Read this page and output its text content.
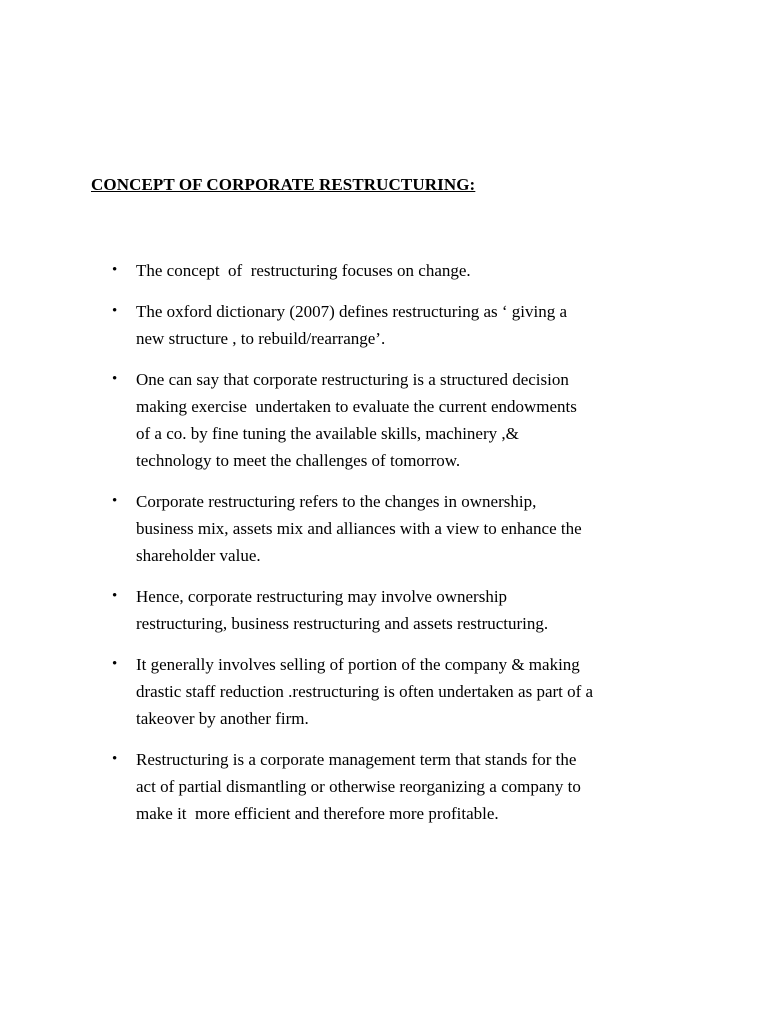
CONCEPT OF CORPORATE RESTRUCTURING:
• The concept  of  restructuring focuses on change.
• The oxford dictionary (2007) defines restructuring as ‘ giving a
new structure , to rebuild/rearrange’.
• One can say that corporate restructuring is a structured decision
making exercise  undertaken to evaluate the current endowments
of a co. by fine tuning the available skills, machinery ,&
technology to meet the challenges of tomorrow.
• Corporate restructuring refers to the changes in ownership,
business mix, assets mix and alliances with a view to enhance the
shareholder value.
• Hence, corporate restructuring may involve ownership
restructuring, business restructuring and assets restructuring.
• It generally involves selling of portion of the company & making
drastic staff reduction .restructuring is often undertaken as part of a
takeover by another firm.
• Restructuring is a corporate management term that stands for the
act of partial dismantling or otherwise reorganizing a company to
make it  more efficient and therefore more profitable.
